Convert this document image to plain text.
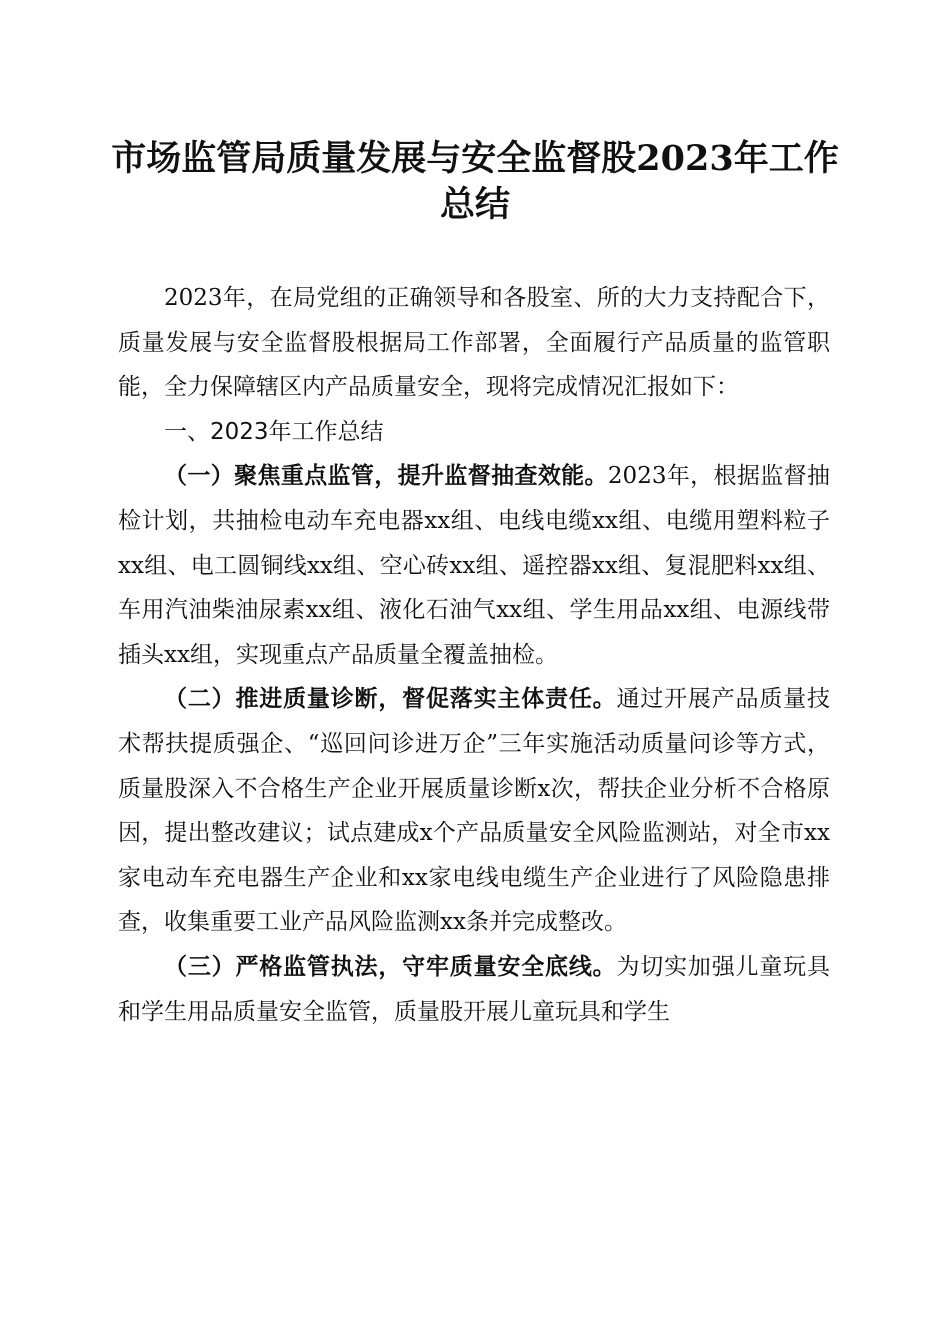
市场监管局质量发展与安全监督股2023年工作总结

2023年，在局党组的正确领导和各股室、所的大力支持配合下，质量发展与安全监督股根据局工作部署，全面履行产品质量的监管职能，全力保障辖区内产品质量安全，现将完成情况汇报如下：

一、2023年工作总结

（一）聚焦重点监管，提升监督抽查效能。2023年，根据监督抽检计划，共抽检电动车充电器xx组、电线电缆xx组、电缆用塑料粒子xx组、电工圆铜线xx组、空心砖xx组、遥控器xx组、复混肥料xx组、车用汽油柴油尿素xx组、液化石油气xx组、学生用品xx组、电源线带插头xx组，实现重点产品质量全覆盖抽检。

（二）推进质量诊断，督促落实主体责任。通过开展产品质量技术帮扶提质强企、“巡回问诊进万企”三年实施活动质量问诊等方式，质量股深入不合格生产企业开展质量诊断x次，帮扶企业分析不合格原因，提出整改建议；试点建成x个产品质量安全风险监测站，对全市xx家电动车充电器生产企业和xx家电线电缆生产企业进行了风险隐患排查，收集重要工业产品风险监测xx条并完成整改。

（三）严格监管执法，守牢质量安全底线。为切实加强儿童玩具和学生用品质量安全监管，质量股开展儿童玩具和学生
